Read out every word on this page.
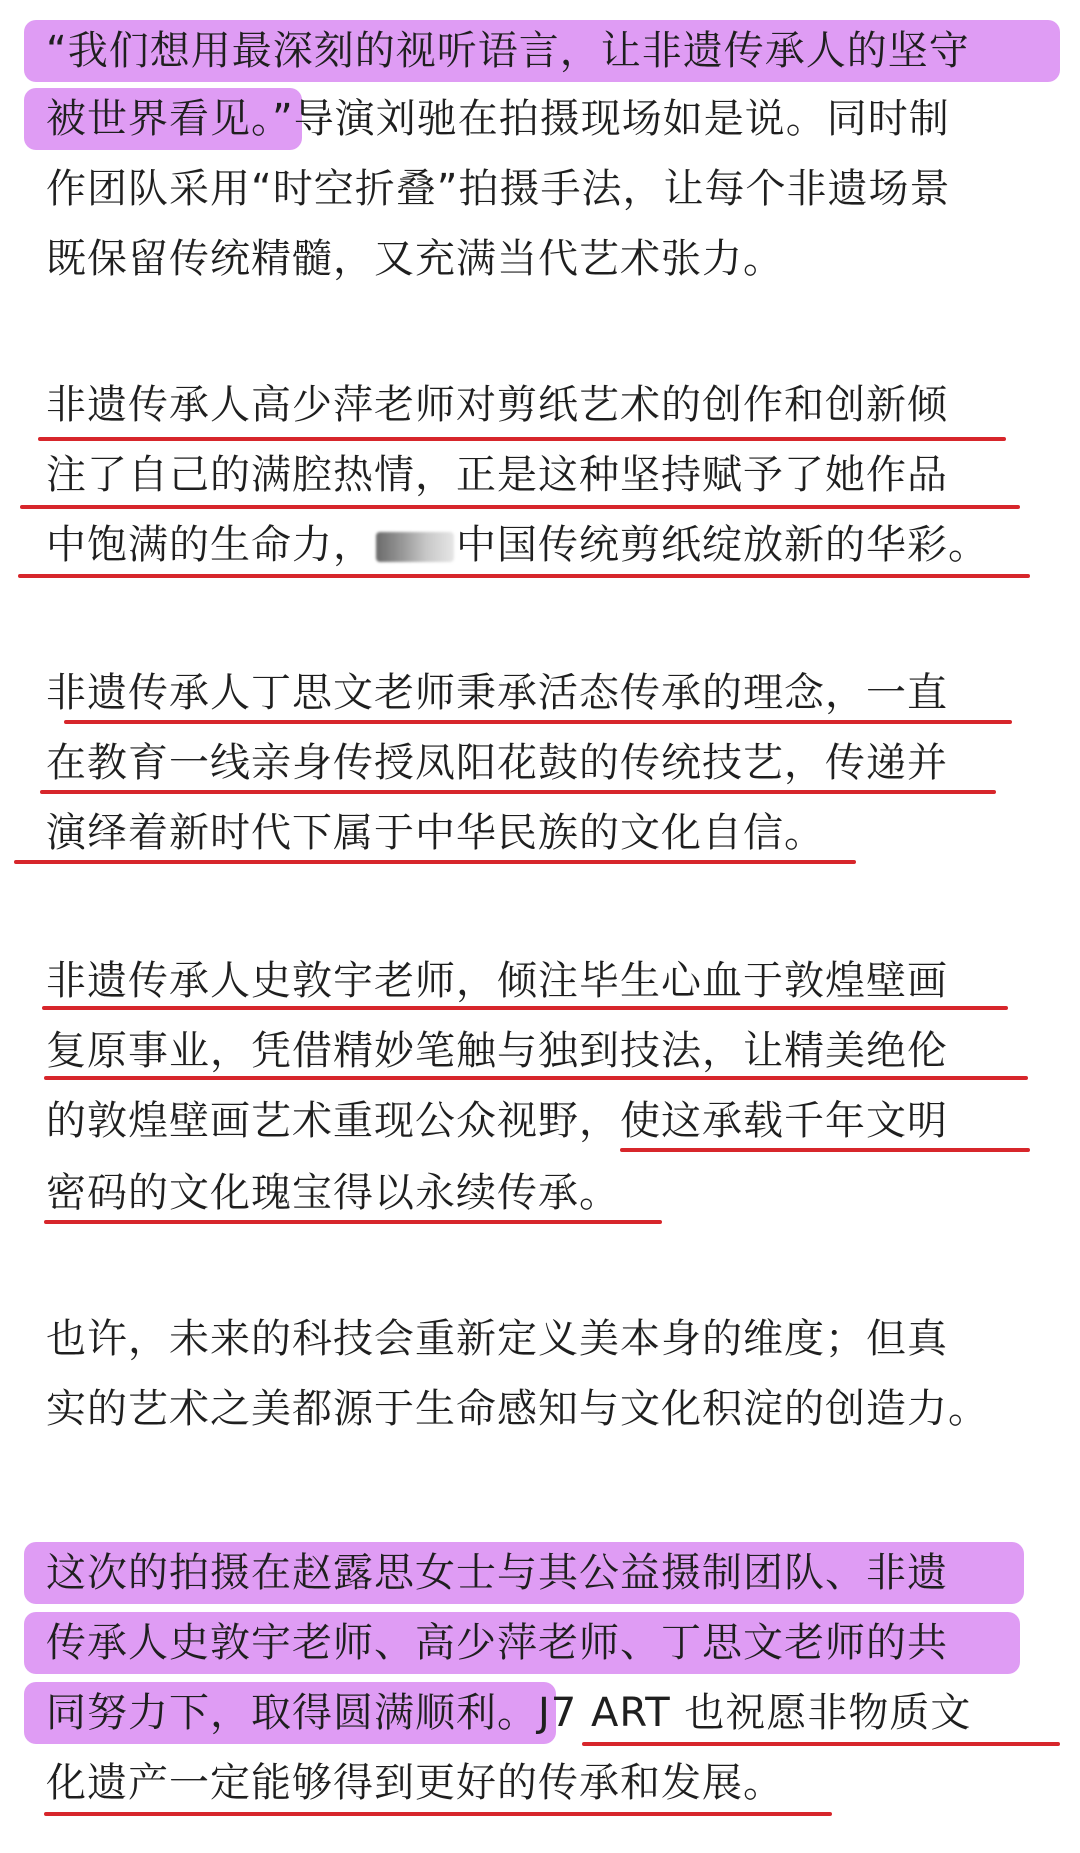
“我们想用最深刻的视听语言，让非遗传承人的坚守
被世界看见。”导演刘驰在拍摄现场如是说。同时制
作团队采用“时空折叠”拍摄手法，让每个非遗场景
既保留传统精髓，又充满当代艺术张力。
非遗传承人高少萍老师对剪纸艺术的创作和创新倾
注了自己的满腔热情，正是这种坚持赋予了她作品
中饱满的生命力， 中国传统剪纸绽放新的华彩。
非遗传承人丁思文老师秉承活态传承的理念，一直
在教育一线亲身传授凤阳花鼓的传统技艺，传递并
演绎着新时代下属于中华民族的文化自信。
非遗传承人史敦宇老师，倾注毕生心血于敦煌壁画
复原事业，凭借精妙笔触与独到技法，让精美绝伦
的敦煌壁画艺术重现公众视野，使这承载千年文明
密码的文化瑰宝得以永续传承。
也许，未来的科技会重新定义美本身的维度；但真
实的艺术之美都源于生命感知与文化积淀的创造力。
这次的拍摄在赵露思女士与其公益摄制团队、非遗
传承人史敦宇老师、高少萍老师、丁思文老师的共
同努力下，取得圆满顺利。J7 ART 也祝愿非物质文
化遗产一定能够得到更好的传承和发展。
